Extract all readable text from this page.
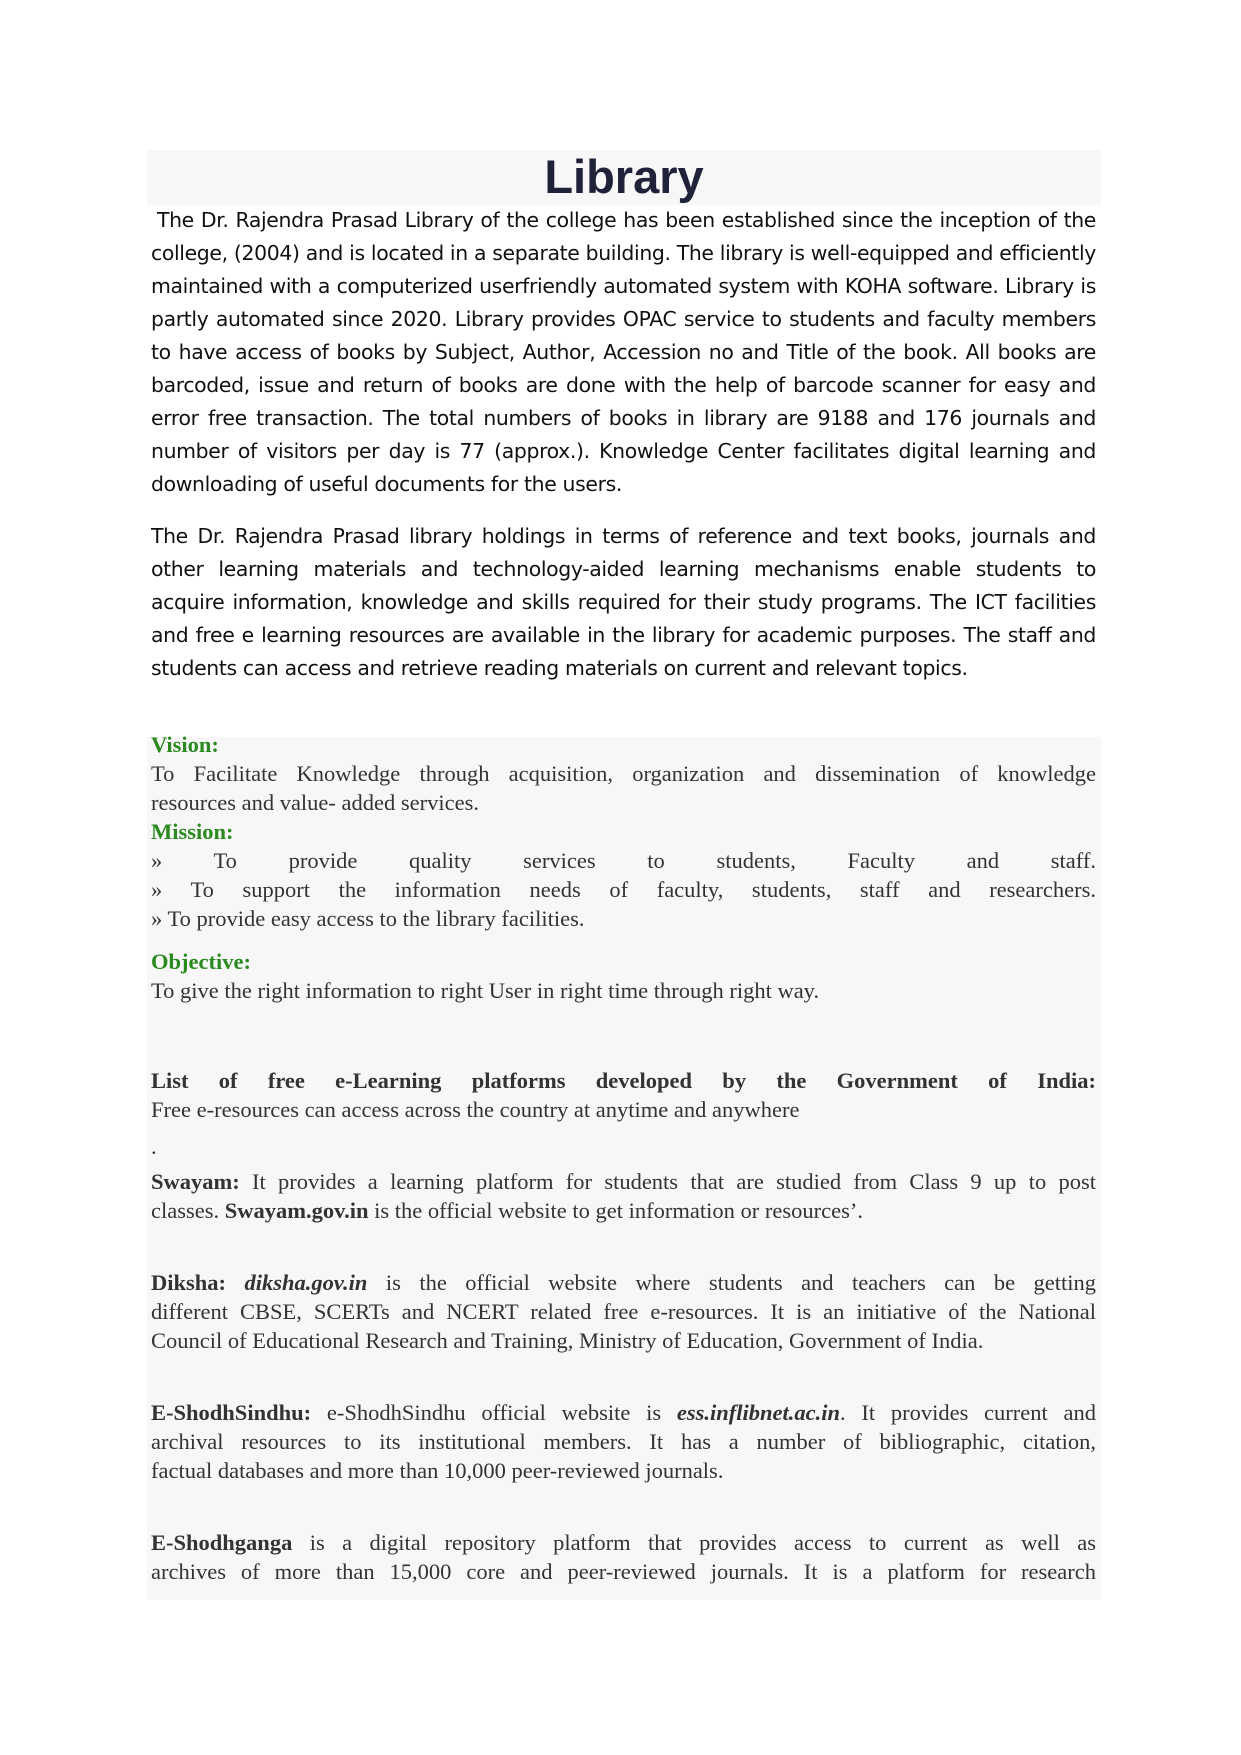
Library

The Dr. Rajendra Prasad Library of the college has been established since the inception of the college, (2004) and is located in a separate building. The library is well-equipped and efficiently maintained with a computerized userfriendly automated system with KOHA software. Library is partly automated since 2020. Library provides OPAC service to students and faculty members to have access of books by Subject, Author, Accession no and Title of the book. All books are barcoded, issue and return of books are done with the help of barcode scanner for easy and error free transaction. The total numbers of books in library are 9188 and 176 journals and number of visitors per day is 77 (approx.). Knowledge Center facilitates digital learning and downloading of useful documents for the users.

The Dr. Rajendra Prasad library holdings in terms of reference and text books, journals and other learning materials and technology-aided learning mechanisms enable students to acquire information, knowledge and skills required for their study programs. The ICT facilities and free e learning resources are available in the library for academic purposes. The staff and students can access and retrieve reading materials on current and relevant topics.

Vision:
To Facilitate Knowledge through acquisition, organization and dissemination of knowledge
resources and value- added services.
Mission:
» To provide quality services to students, Faculty and staff.
» To support the information needs of faculty, students, staff and researchers.
» To provide easy access to the library facilities.
Objective:
To give the right information to right User in right time through right way.
List of free e-Learning platforms developed by the Government of India:
Free e-resources can access across the country at anytime and anywhere
.
Swayam: It provides a learning platform for students that are studied from Class 9 up to post
classes. Swayam.gov.in is the official website to get information or resources’.
Diksha: diksha.gov.in is the official website where students and teachers can be getting
different CBSE, SCERTs and NCERT related free e-resources. It is an initiative of the National
Council of Educational Research and Training, Ministry of Education, Government of India.
E-ShodhSindhu: e-ShodhSindhu official website is ess.inflibnet.ac.in. It provides current and
archival resources to its institutional members. It has a number of bibliographic, citation,
factual databases and more than 10,000 peer-reviewed journals.
E-Shodhganga is a digital repository platform that provides access to current as well as
archives of more than 15,000 core and peer-reviewed journals. It is a platform for research
